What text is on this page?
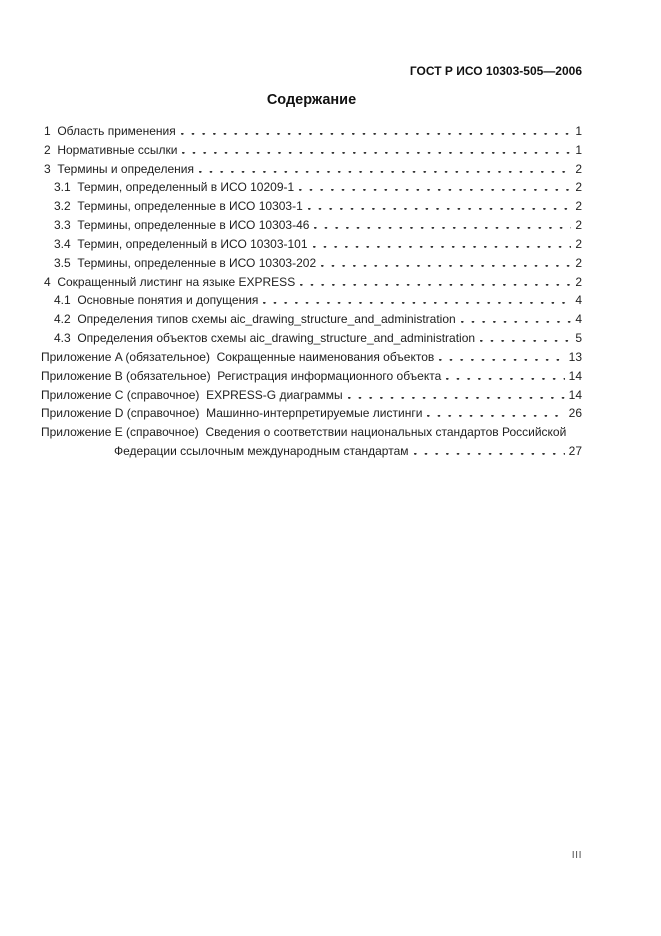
ГОСТ Р ИСО 10303-505—2006
Содержание
1  Область применения	1
2  Нормативные ссылки	1
3  Термины и определения	2
3.1  Термин, определенный в ИСО 10209-1	2
3.2  Термины, определенные в ИСО 10303-1	2
3.3  Термины, определенные в ИСО 10303-46	2
3.4  Термин, определенный в ИСО 10303-101	2
3.5  Термины, определенные в ИСО 10303-202	2
4  Сокращенный листинг на языке EXPRESS	2
4.1  Основные понятия и допущения	4
4.2  Определения типов схемы aic_drawing_structure_and_administration	4
4.3  Определения объектов схемы aic_drawing_structure_and_administration	5
Приложение A (обязательное)  Сокращенные наименования объектов	13
Приложение B (обязательное)  Регистрация информационного объекта	14
Приложение C (справочное)  EXPRESS-G диаграммы	14
Приложение D (справочное)  Машинно-интерпретируемые листинги	26
Приложение E (справочное)  Сведения о соответствии национальных стандартов Российской
Федерации ссылочным международным стандартам	27
III
